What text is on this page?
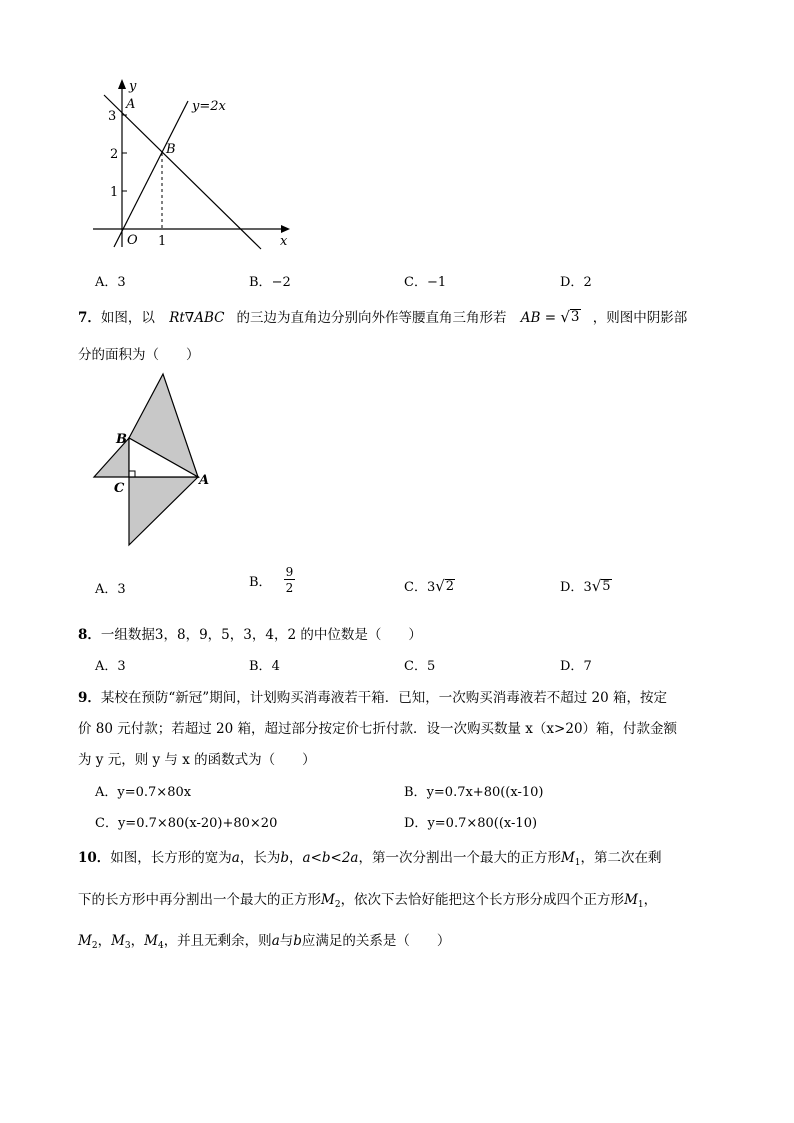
y
x
A
B
O
y=2x
3
2
1
1
A．3	B．−2	C．−1	D．2
7．如图，以 Rt∇ABC 的三边为直角边分别向外作等腰直角三角形若 AB = √ 3 ，则图中阴影部
分的面积为（　　）
B
C
A
A．3	B． $\frac{9}{2}$	C．3 √ 2	D．3 √ 5
8．一组数据3，8，9，5，3，4，2 的中位数是（　　）
A．3	B．4	C．5	D．7
9．某校在预防“新冠”期间，计划购买消毒液若干箱．已知，一次购买消毒液若不超过 20 箱，按定
价 80 元付款；若超过 20 箱，超过部分按定价七折付款．设一次购买数量 x（x>20）箱，付款金额
为 y 元，则 y 与 x 的函数式为（　　）
A．y=0.7×80x	B．y=0.7x+80((x-10)
C．y=0.7×80(x-20)+80×20	D．y=0.7×80((x-10)
10．如图，长方形的宽为a，长为b，a<b<2a，第一次分割出一个最大的正方形$M_1$，第二次在剩
下的长方形中再分割出一个最大的正方形$M_2$，依次下去恰好能把这个长方形分成四个正方形$M_1$，
$M_2$，$M_3$，$M_4$，并且无剩余，则a与b应满足的关系是（　　）
